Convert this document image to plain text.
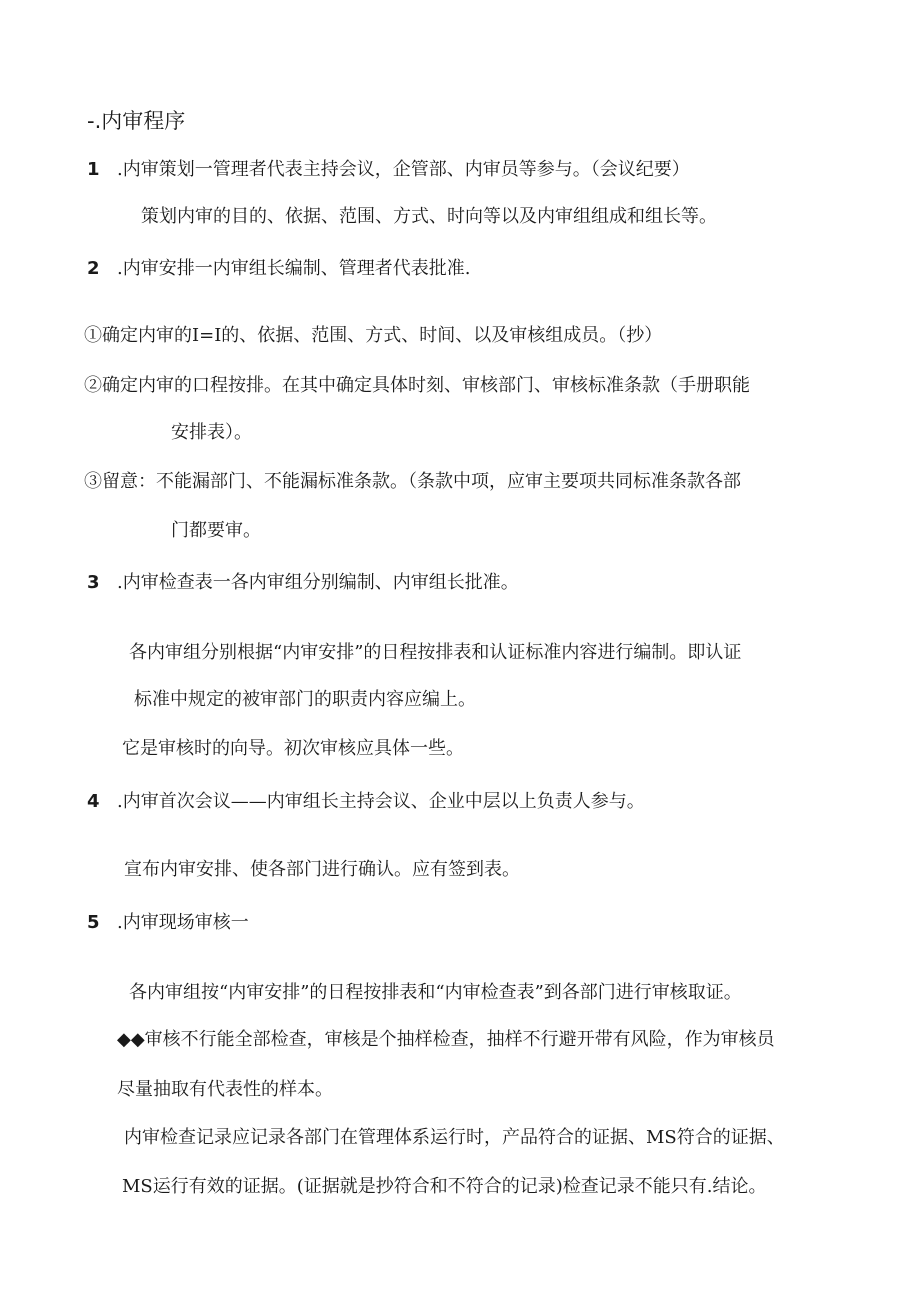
-.内审程序
1 .内审策划一管理者代表主持会议，企管部、内审员等参与。（会议纪要）
策划内审的目的、依据、范围、方式、时向等以及内审组组成和组长等。
2 .内审安排一内审组长编制、管理者代表批准.
①确定内审的I=I的、依据、范围、方式、时间、以及审核组成员。（抄）
②确定内审的口程按排。在其中确定具体时刻、审核部门、审核标准条款（手册职能
安排表）。
③留意：不能漏部门、不能漏标准条款。（条款中项，应审主要项共同标准条款各部
门都要审。
3 .内审检查表一各内审组分别编制、内审组长批准。
各内审组分别根据“内审安排”的日程按排表和认证标准内容进行编制。即认证
标准中规定的被审部门的职责内容应编上。
它是审核时的向导。初次审核应具体一些。
4 .内审首次会议——内审组长主持会议、企业中层以上负责人参与。
宣布内审安排、使各部门进行确认。应有签到表。
5 .内审现场审核一
各内审组按“内审安排”的日程按排表和“内审检查表”到各部门进行审核取证。
◆◆审核不行能全部检查，审核是个抽样检查，抽样不行避开带有风险，作为审核员
尽量抽取有代表性的样本。
内审检查记录应记录各部门在管理体系运行时，产品符合的证据、MS符合的证据、
MS运行有效的证据。(证据就是抄符合和不符合的记录)检查记录不能只有.结论。
